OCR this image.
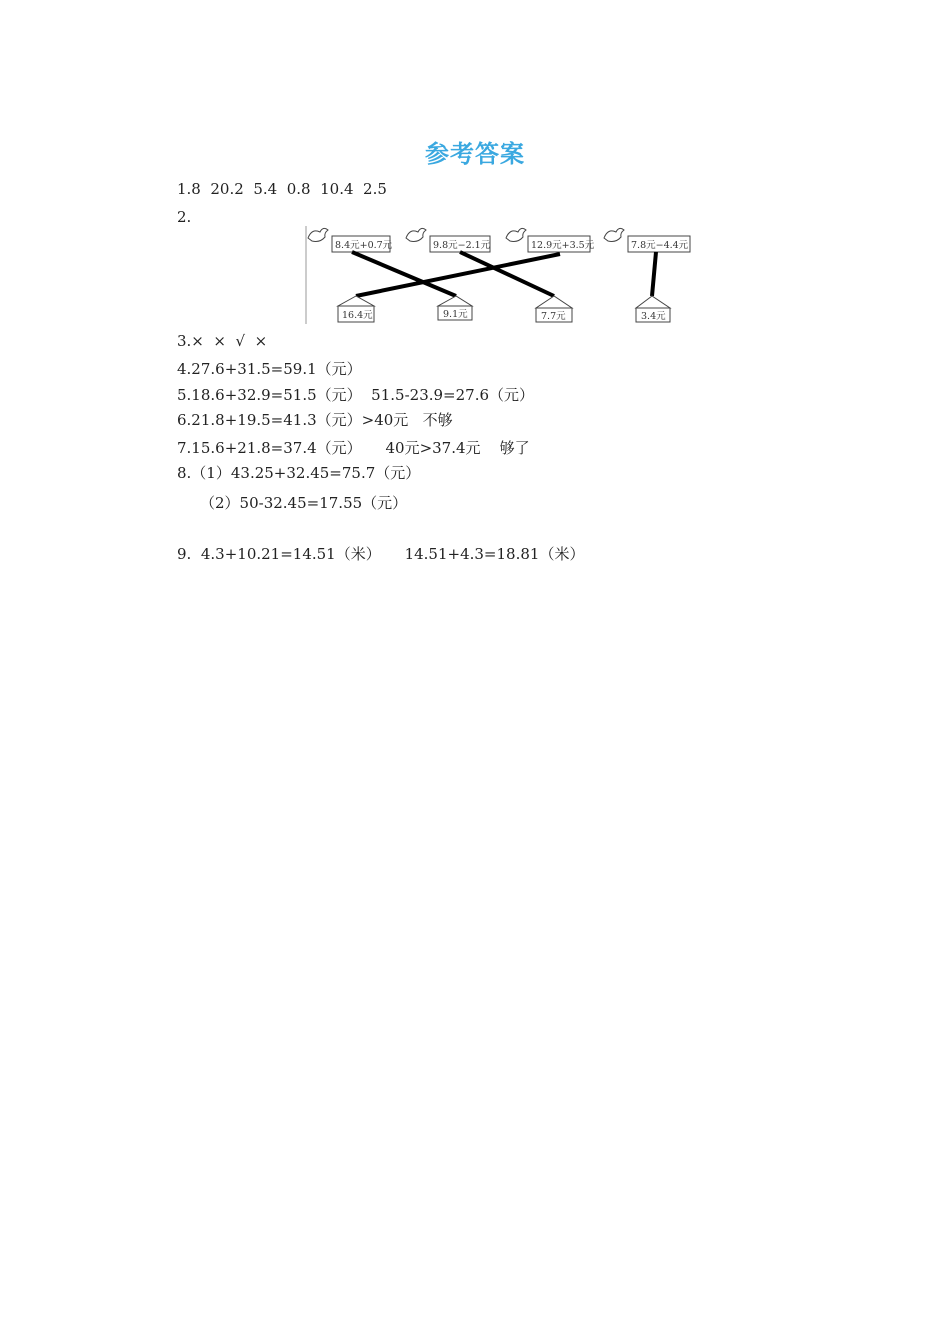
参考答案
1.8  20.2  5.4  0.8  10.4  2.5
2.
8.4元+0.7元	9.8元−2.1元	12.9元+3.5元	7.8元−4.4元
16.4元	9.1元	7.7元	3.4元
3.×  ×  √  ×
4.27.6+31.5=59.1（元）
5.18.6+32.9=51.5（元）  51.5-23.9=27.6（元）
6.21.8+19.5=41.3（元）>40元   不够
7.15.6+21.8=37.4（元）     40元>37.4元    够了
8.（1）43.25+32.45=75.7（元）
（2）50-32.45=17.55（元）
9.  4.3+10.21=14.51（米）     14.51+4.3=18.81（米）
